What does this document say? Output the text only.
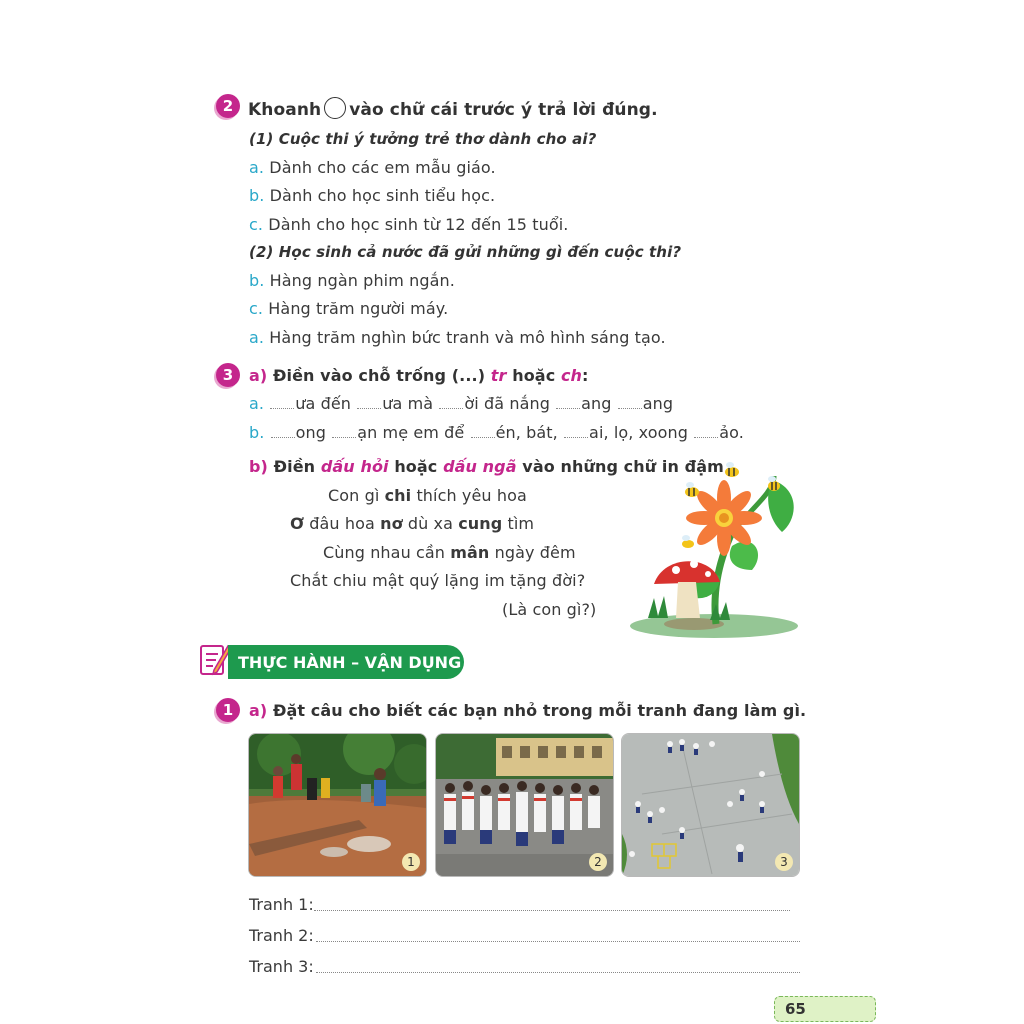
2 Khoanh vào chữ cái trước ý trả lời đúng.
(1) Cuộc thi ý tưởng trẻ thơ dành cho ai?
a. Dành cho các em mẫu giáo.
b. Dành cho học sinh tiểu học.
c. Dành cho học sinh từ 12 đến 15 tuổi.
(2) Học sinh cả nước đã gửi những gì đến cuộc thi?
b. Hàng ngàn phim ngắn.
c. Hàng trăm người máy.
a. Hàng trăm nghìn bức tranh và mô hình sáng tạo.
3 a) Điền vào chỗ trống (...) tr hoặc ch:
a. ưa đến ưa mà ời đã nắng ang ang
b. ong ạn mẹ em để én, bát, ai, lọ, xoong ảo.
b) Điền dấu hỏi hoặc dấu ngã vào những chữ in đậm
Con gì chi thích yêu hoa
Ơ đâu hoa nơ dù xa cung tìm
Cùng nhau cần mân ngày đêm
Chắt chiu mật quý lặng im tặng đời?
(Là con gì?)
THỰC HÀNH – VẬN DỤNG
1 a) Đặt câu cho biết các bạn nhỏ trong mỗi tranh đang làm gì.
1	2	3
Tranh 1:
Tranh 2:
Tranh 3:
65
